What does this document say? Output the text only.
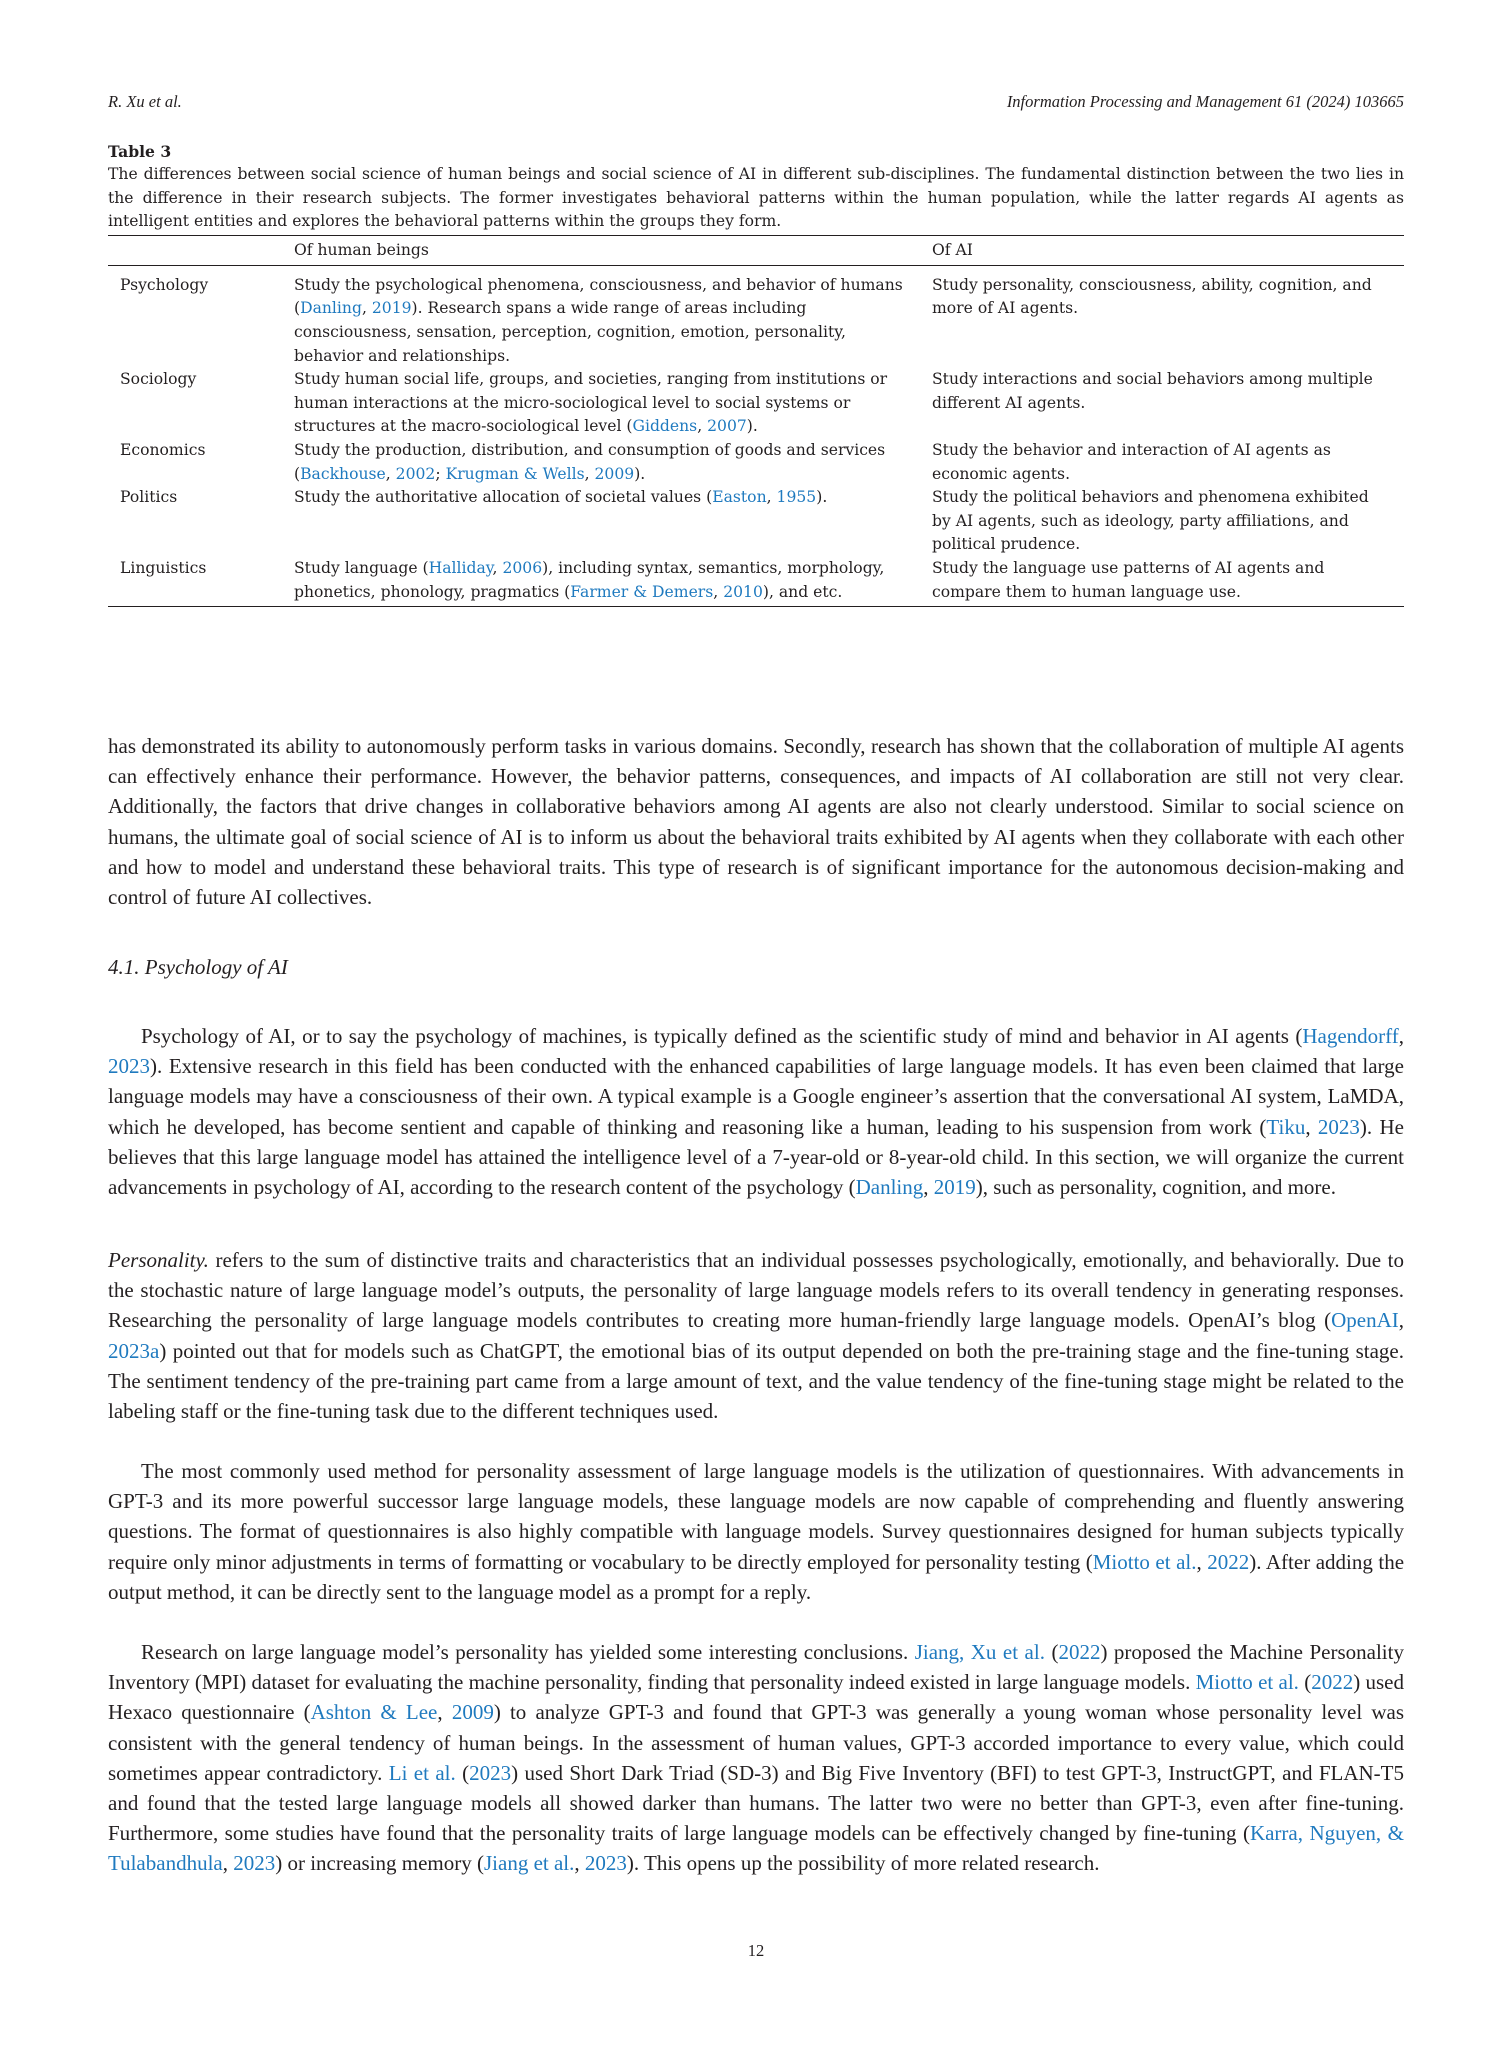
R. Xu et al.	Information Processing and Management 61 (2024) 103665
Table 3
The differences between social science of human beings and social science of AI in different sub-disciplines. The fundamental distinction between the two lies in the difference in their research subjects. The former investigates behavioral patterns within the human population, while the latter regards AI agents as intelligent entities and explores the behavioral patterns within the groups they form.
	Of human beings	Of AI
Psychology	Study the psychological phenomena, consciousness, and behavior of humans (Danling, 2019). Research spans a wide range of areas including consciousness, sensation, perception, cognition, emotion, personality, behavior and relationships.	Study personality, consciousness, ability, cognition, and more of AI agents.
Sociology	Study human social life, groups, and societies, ranging from institutions or human interactions at the micro-sociological level to social systems or structures at the macro-sociological level (Giddens, 2007).	Study interactions and social behaviors among multiple different AI agents.
Economics	Study the production, distribution, and consumption of goods and services (Backhouse, 2002; Krugman & Wells, 2009).	Study the behavior and interaction of AI agents as economic agents.
Politics	Study the authoritative allocation of societal values (Easton, 1955).	Study the political behaviors and phenomena exhibited by AI agents, such as ideology, party affiliations, and political prudence.
Linguistics	Study language (Halliday, 2006), including syntax, semantics, morphology, phonetics, phonology, pragmatics (Farmer & Demers, 2010), and etc.	Study the language use patterns of AI agents and compare them to human language use.
has demonstrated its ability to autonomously perform tasks in various domains. Secondly, research has shown that the collaboration of multiple AI agents can effectively enhance their performance. However, the behavior patterns, consequences, and impacts of AI collaboration are still not very clear. Additionally, the factors that drive changes in collaborative behaviors among AI agents are also not clearly understood. Similar to social science on humans, the ultimate goal of social science of AI is to inform us about the behavioral traits exhibited by AI agents when they collaborate with each other and how to model and understand these behavioral traits. This type of research is of significant importance for the autonomous decision-making and control of future AI collectives.
4.1. Psychology of AI
Psychology of AI, or to say the psychology of machines, is typically defined as the scientific study of mind and behavior in AI agents (Hagendorff, 2023). Extensive research in this field has been conducted with the enhanced capabilities of large language models. It has even been claimed that large language models may have a consciousness of their own. A typical example is a Google engineer’s assertion that the conversational AI system, LaMDA, which he developed, has become sentient and capable of thinking and reasoning like a human, leading to his suspension from work (Tiku, 2023). He believes that this large language model has attained the intelligence level of a 7-year-old or 8-year-old child. In this section, we will organize the current advancements in psychology of AI, according to the research content of the psychology (Danling, 2019), such as personality, cognition, and more.
Personality. refers to the sum of distinctive traits and characteristics that an individual possesses psychologically, emotionally, and behaviorally. Due to the stochastic nature of large language model’s outputs, the personality of large language models refers to its overall tendency in generating responses. Researching the personality of large language models contributes to creating more human-friendly large language models. OpenAI’s blog (OpenAI, 2023a) pointed out that for models such as ChatGPT, the emotional bias of its output depended on both the pre-training stage and the fine-tuning stage. The sentiment tendency of the pre-training part came from a large amount of text, and the value tendency of the fine-tuning stage might be related to the labeling staff or the fine-tuning task due to the different techniques used.
The most commonly used method for personality assessment of large language models is the utilization of questionnaires. With advancements in GPT-3 and its more powerful successor large language models, these language models are now capable of comprehending and fluently answering questions. The format of questionnaires is also highly compatible with language models. Survey questionnaires designed for human subjects typically require only minor adjustments in terms of formatting or vocabulary to be directly employed for personality testing (Miotto et al., 2022). After adding the output method, it can be directly sent to the language model as a prompt for a reply.
Research on large language model’s personality has yielded some interesting conclusions. Jiang, Xu et al. (2022) proposed the Machine Personality Inventory (MPI) dataset for evaluating the machine personality, finding that personality indeed existed in large language models. Miotto et al. (2022) used Hexaco questionnaire (Ashton & Lee, 2009) to analyze GPT-3 and found that GPT-3 was generally a young woman whose personality level was consistent with the general tendency of human beings. In the assessment of human values, GPT-3 accorded importance to every value, which could sometimes appear contradictory. Li et al. (2023) used Short Dark Triad (SD-3) and Big Five Inventory (BFI) to test GPT-3, InstructGPT, and FLAN-T5 and found that the tested large language models all showed darker than humans. The latter two were no better than GPT-3, even after fine-tuning. Furthermore, some studies have found that the personality traits of large language models can be effectively changed by fine-tuning (Karra, Nguyen, & Tulabandhula, 2023) or increasing memory (Jiang et al., 2023). This opens up the possibility of more related research.
12
